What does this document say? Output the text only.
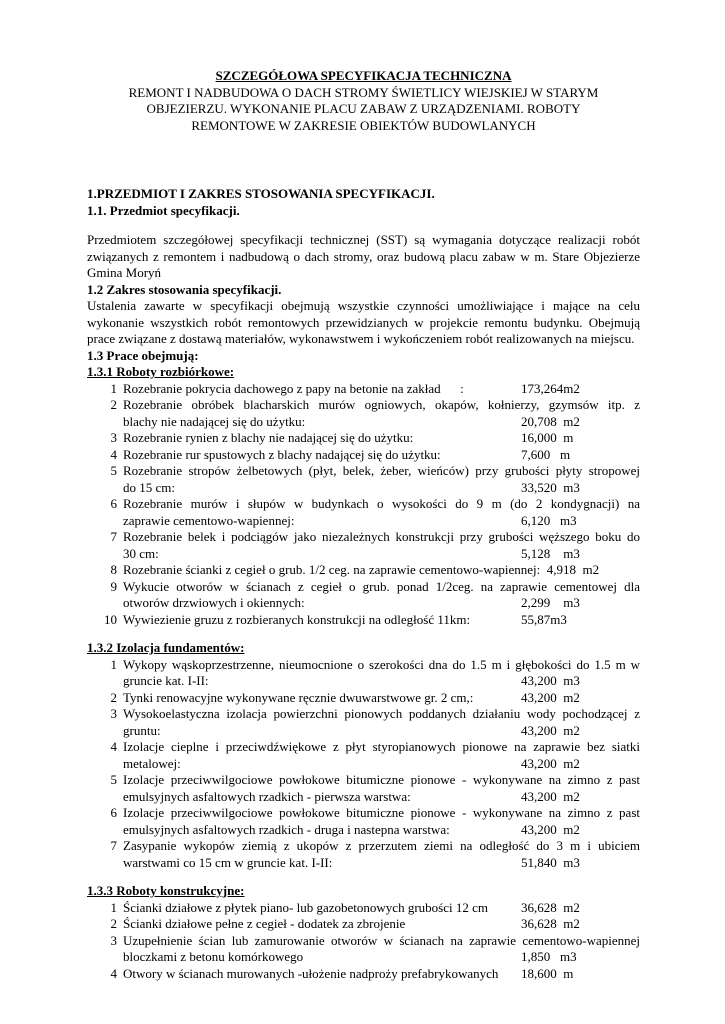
SZCZEGÓŁOWA SPECYFIKACJA TECHNICZNA
REMONT I NADBUDOWA O DACH STROMY ŚWIETLICY WIEJSKIEJ W STARYM
OBJEZIERZU. WYKONANIE PLACU ZABAW Z URZĄDZENIAMI. ROBOTY
REMONTOWE W ZAKRESIE OBIEKTÓW BUDOWLANYCH
1.PRZEDMIOT I ZAKRES STOSOWANIA SPECYFIKACJI.
1.1. Przedmiot specyfikacji.

Przedmiotem szczegółowej specyfikacji technicznej (SST) są wymagania dotyczące realizacji robót związanych z remontem i nadbudową o dach stromy, oraz budową placu zabaw w m. Stare Objezierze Gmina Moryń

1.2 Zakres stosowania specyfikacji.

Ustalenia zawarte w specyfikacji obejmują wszystkie czynności umożliwiające i mające na celu wykonanie wszystkich robót remontowych przewidzianych w projekcie remontu budynku. Obejmują prace związane z dostawą materiałów, wykonawstwem i wykończeniem robót realizowanych na miejscu.

1.3 Prace obejmują:
1.3.1 Roboty rozbiórkowe:
1 Rozebranie pokrycia dachowego z papy na betonie na zakład      :	173,264m2
2 Rozebranie obróbek blacharskich murów ogniowych, okapów, kołnierzy, gzymsów itp. z
blachy nie nadającej się do użytku:	20,708  m2
3 Rozebranie rynien z blachy nie nadającej się do użytku:	16,000  m
4 Rozebranie rur spustowych z blachy nadającej się do użytku:	7,600   m
5 Rozebranie stropów żelbetowych (płyt, belek, żeber, wieńców) przy grubości płyty stropowej
do 15 cm:	33,520  m3
6 Rozebranie murów i słupów w budynkach o wysokości do 9 m (do 2 kondygnacji) na
zaprawie cementowo-wapiennej:	6,120   m3
7 Rozebranie belek i podciągów jako niezależnych konstrukcji przy grubości węższego boku do
30 cm:	5,128    m3
8 Rozebranie ścianki z cegieł o grub. 1/2 ceg. na zaprawie cementowo-wapiennej:  4,918  m2
9 Wykucie otworów w ścianach z cegieł o grub. ponad 1/2ceg. na zaprawie cementowej dla
otworów drzwiowych i okiennych:	2,299    m3
10 Wywiezienie gruzu z rozbieranych konstrukcji na odległość 11km:	55,87m3
1.3.2 Izolacja fundamentów:
1 Wykopy wąskoprzestrzenne, nieumocnione o szerokości dna do 1.5 m i głębokości do 1.5 m w
gruncie kat. I-II:	43,200  m3
2 Tynki renowacyjne wykonywane ręcznie dwuwarstwowe gr. 2 cm,:	43,200  m2
3 Wysokoelastyczna izolacja powierzchni pionowych poddanych działaniu wody pochodzącej z
gruntu:	43,200  m2
4 Izolacje cieplne i przeciwdźwiękowe z płyt styropianowych pionowe na zaprawie bez siatki
metalowej:	43,200  m2
5 Izolacje przeciwwilgociowe powłokowe bitumiczne pionowe - wykonywane na zimno z past
emulsyjnych asfaltowych rzadkich - pierwsza warstwa:	43,200  m2
6 Izolacje przeciwwilgociowe powłokowe bitumiczne pionowe - wykonywane na zimno z past
emulsyjnych asfaltowych rzadkich - druga i nastepna warstwa:	43,200  m2
7 Zasypanie wykopów ziemią z ukopów z przerzutem ziemi na odległość do 3 m i ubiciem
warstwami co 15 cm w gruncie kat. I-II:	51,840  m3
1.3.3 Roboty konstrukcyjne:
1 Ścianki działowe z płytek piano- lub gazobetonowych grubości 12 cm	36,628  m2
2 Ścianki działowe pełne z cegieł - dodatek za zbrojenie	36,628  m2
3 Uzupełnienie ścian lub zamurowanie otworów w ścianach na zaprawie cementowo-wapiennej
bloczkami z betonu komórkowego	1,850   m3
4 Otwory w ścianach murowanych -ułożenie nadproży prefabrykowanych 18,600  m
